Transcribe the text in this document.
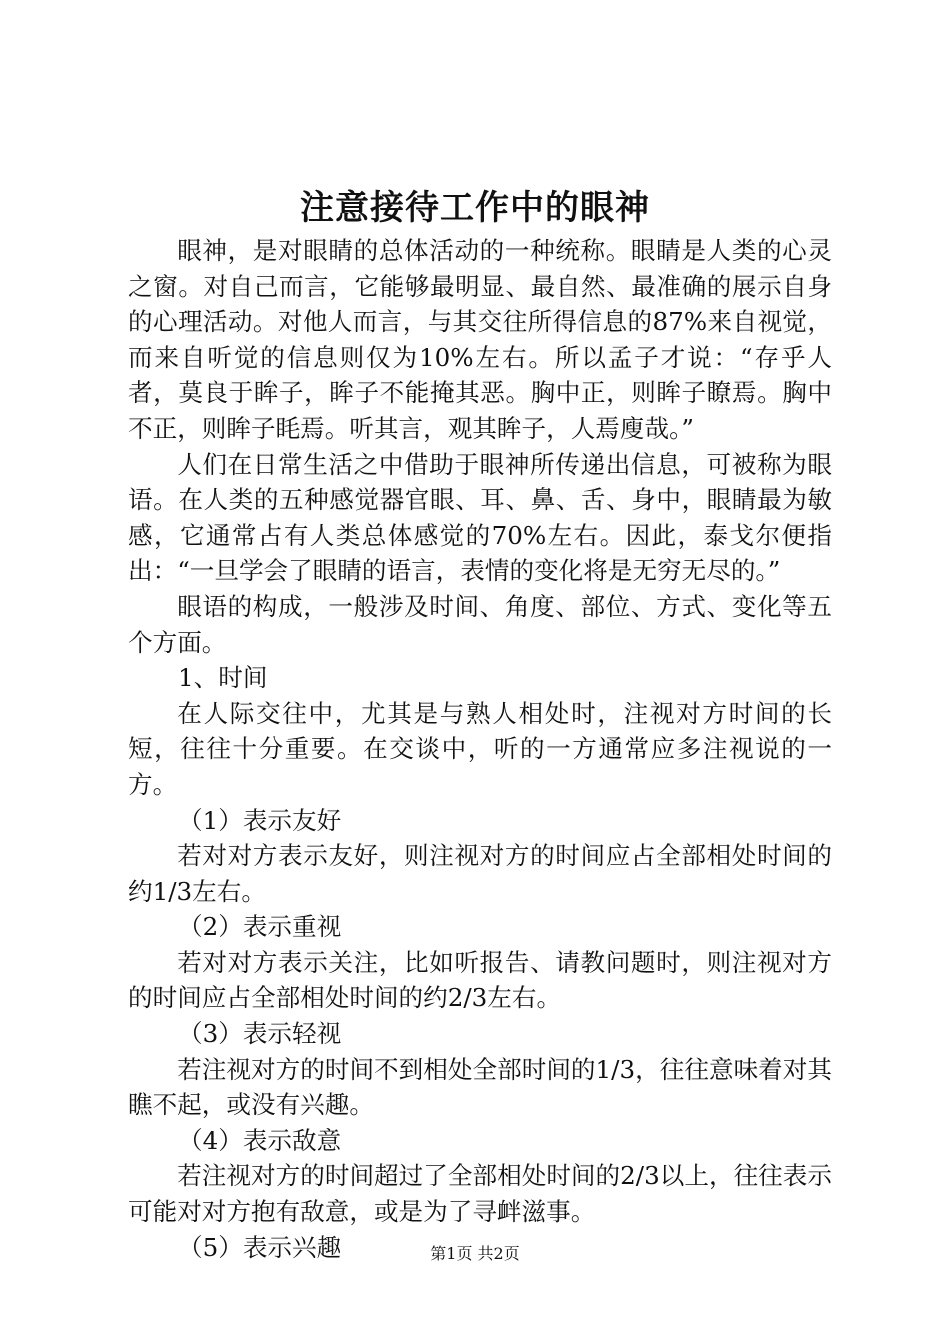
注意接待工作中的眼神

眼神，是对眼睛的总体活动的一种统称。眼睛是人类的心灵之窗。对自己而言，它能够最明显、最自然、最准确的展示自身的心理活动。对他人而言，与其交往所得信息的87%来自视觉，而来自听觉的信息则仅为10%左右。所以孟子才说：“存乎人者，莫良于眸子，眸子不能掩其恶。胸中正，则眸子瞭焉。胸中不正，则眸子眊焉。听其言，观其眸子，人焉廋哉。”

人们在日常生活之中借助于眼神所传递出信息，可被称为眼语。在人类的五种感觉器官眼、耳、鼻、舌、身中，眼睛最为敏感，它通常占有人类总体感觉的70%左右。因此，泰戈尔便指出：“一旦学会了眼睛的语言，表情的变化将是无穷无尽的。”

眼语的构成，一般涉及时间、角度、部位、方式、变化等五个方面。

1、时间

在人际交往中，尤其是与熟人相处时，注视对方时间的长短，往往十分重要。在交谈中，听的一方通常应多注视说的一方。

（1）表示友好

若对对方表示友好，则注视对方的时间应占全部相处时间的约1/3左右。

（2）表示重视

若对对方表示关注，比如听报告、请教问题时，则注视对方的时间应占全部相处时间的约2/3左右。

（3）表示轻视

若注视对方的时间不到相处全部时间的1/3，往往意味着对其瞧不起，或没有兴趣。

（4）表示敌意

若注视对方的时间超过了全部相处时间的2/3以上，往往表示可能对对方抱有敌意，或是为了寻衅滋事。

（5）表示兴趣	第1页 共2页
